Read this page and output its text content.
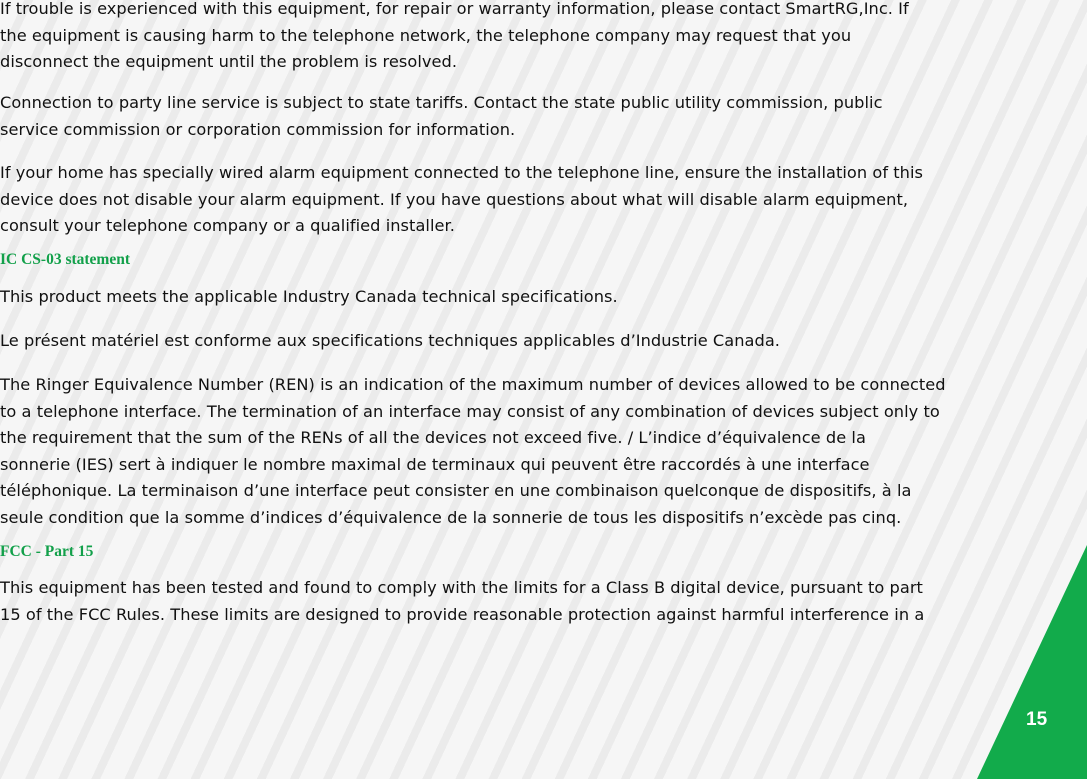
15
If trouble is experienced with this equipment, for repair or warranty information, please contact SmartRG,Inc. If
the equipment is causing harm to the telephone network, the telephone company may request that you
disconnect the equipment until the problem is resolved.
Connection to party line service is subject to state tariffs. Contact the state public utility commission, public
service commission or corporation commission for information.
If your home has specially wired alarm equipment connected to the telephone line, ensure the installation of this
device does not disable your alarm equipment. If you have questions about what will disable alarm equipment,
consult your telephone company or a qualified installer.
IC CS-03 statement
This product meets the applicable Industry Canada technical specifications.
Le présent matériel est conforme aux specifications techniques applicables d’Industrie Canada.
The Ringer Equivalence Number (REN) is an indication of the maximum number of devices allowed to be connected
to a telephone interface. The termination of an interface may consist of any combination of devices subject only to
the requirement that the sum of the RENs of all the devices not exceed five. / L’indice d’équivalence de la
sonnerie (IES) sert à indiquer le nombre maximal de terminaux qui peuvent être raccordés à une interface
téléphonique. La terminaison d’une interface peut consister en une combinaison quelconque de dispositifs, à la
seule condition que la somme d’indices d’équivalence de la sonnerie de tous les dispositifs n’excède pas cinq.
FCC - Part 15
This equipment has been tested and found to comply with the limits for a Class B digital device, pursuant to part
15 of the FCC Rules. These limits are designed to provide reasonable protection against harmful interference in a
